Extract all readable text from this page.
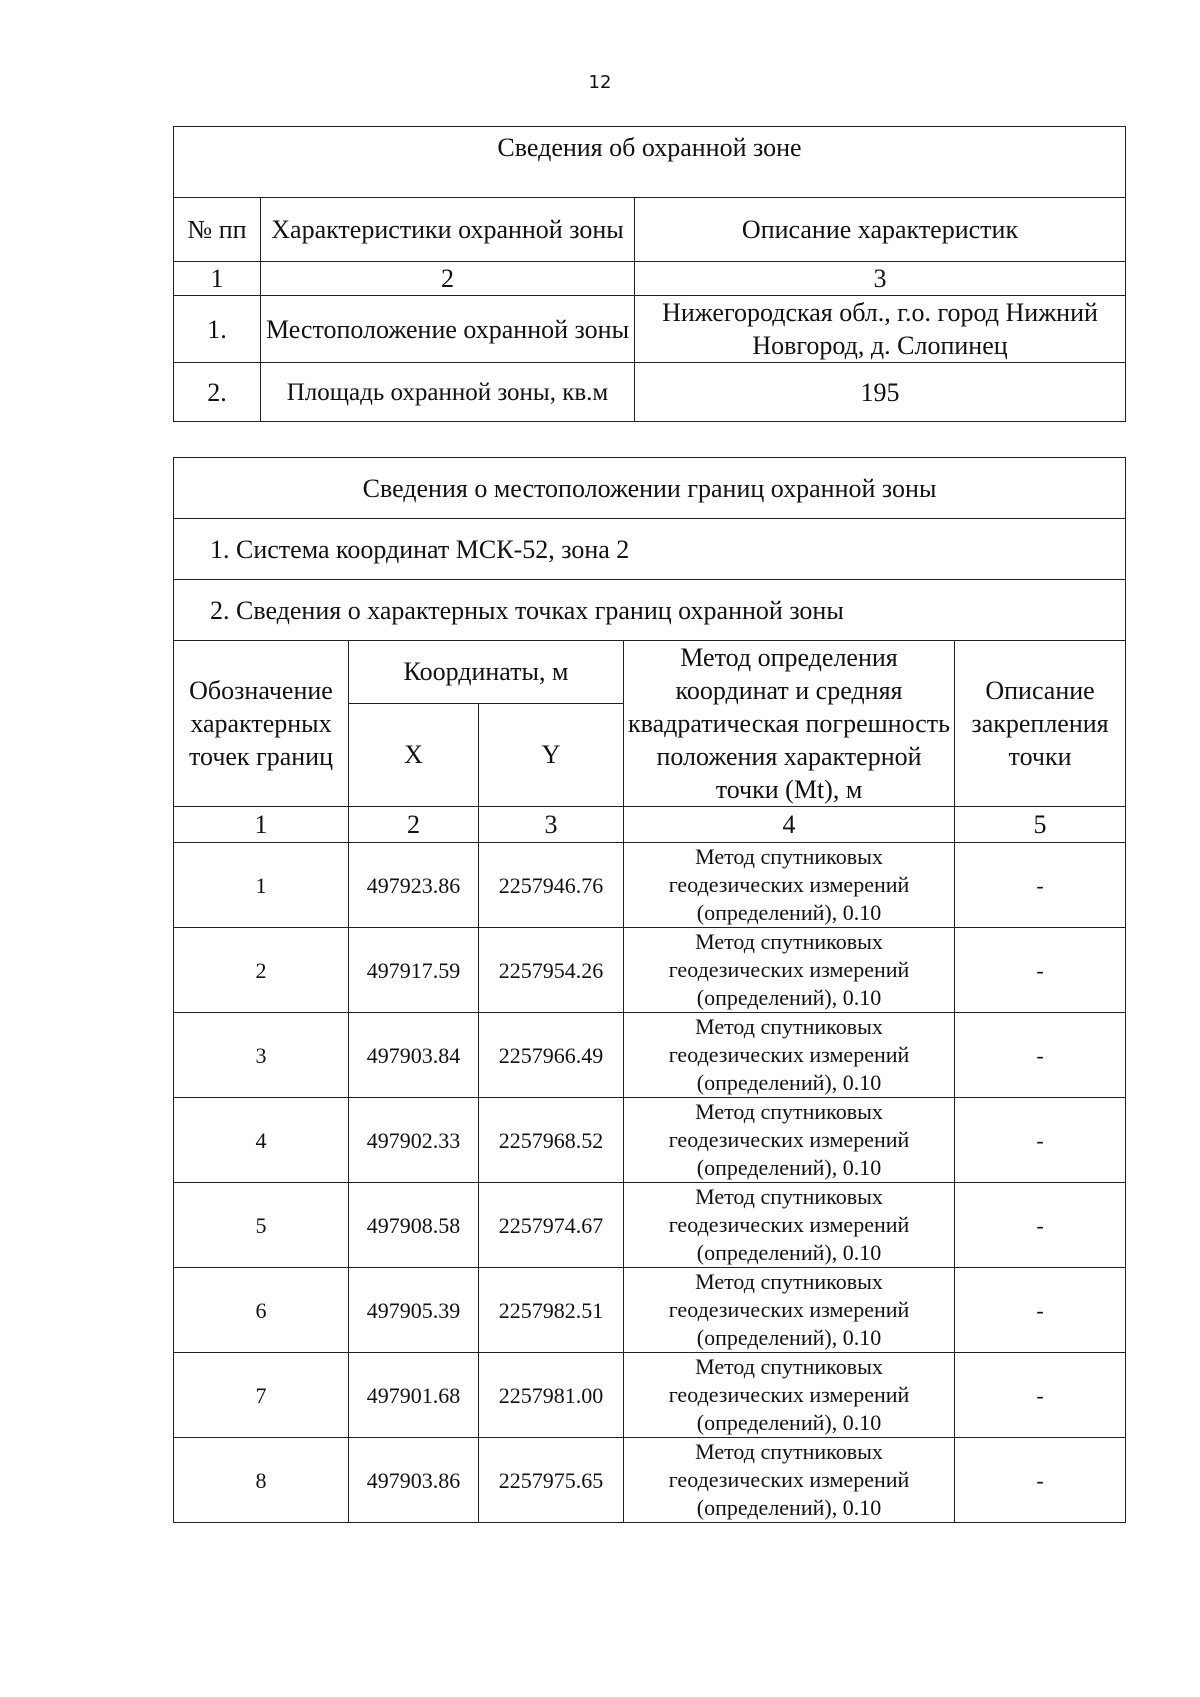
12
Сведения об охранной зоне		
№ пп	Характеристики охранной зоны	Описание характеристик
1	2	3
1.	Местоположение охранной зоны	Нижегородская обл., г.о. город Нижний Новгород, д. Слопинец
2.	Площадь охранной зоны, кв.м	195
Сведения о местоположении границ охранной зоны				
1. Система координат МСК-52, зона 2				
2. Сведения о характерных точках границ охранной зоны				
Обозначение характерных точек границ	Координаты, м		Метод определения координат и средняя квадратическая погрешность положения характерной точки (Mt), м	Описание закрепления точки
	X	Y		
1	2	3	4	5
1	497923.86	2257946.76	Метод спутниковых геодезических измерений (определений), 0.10	-
2	497917.59	2257954.26	Метод спутниковых геодезических измерений (определений), 0.10	-
3	497903.84	2257966.49	Метод спутниковых геодезических измерений (определений), 0.10	-
4	497902.33	2257968.52	Метод спутниковых геодезических измерений (определений), 0.10	-
5	497908.58	2257974.67	Метод спутниковых геодезических измерений (определений), 0.10	-
6	497905.39	2257982.51	Метод спутниковых геодезических измерений (определений), 0.10	-
7	497901.68	2257981.00	Метод спутниковых геодезических измерений (определений), 0.10	-
8	497903.86	2257975.65	Метод спутниковых геодезических измерений (определений), 0.10	-
